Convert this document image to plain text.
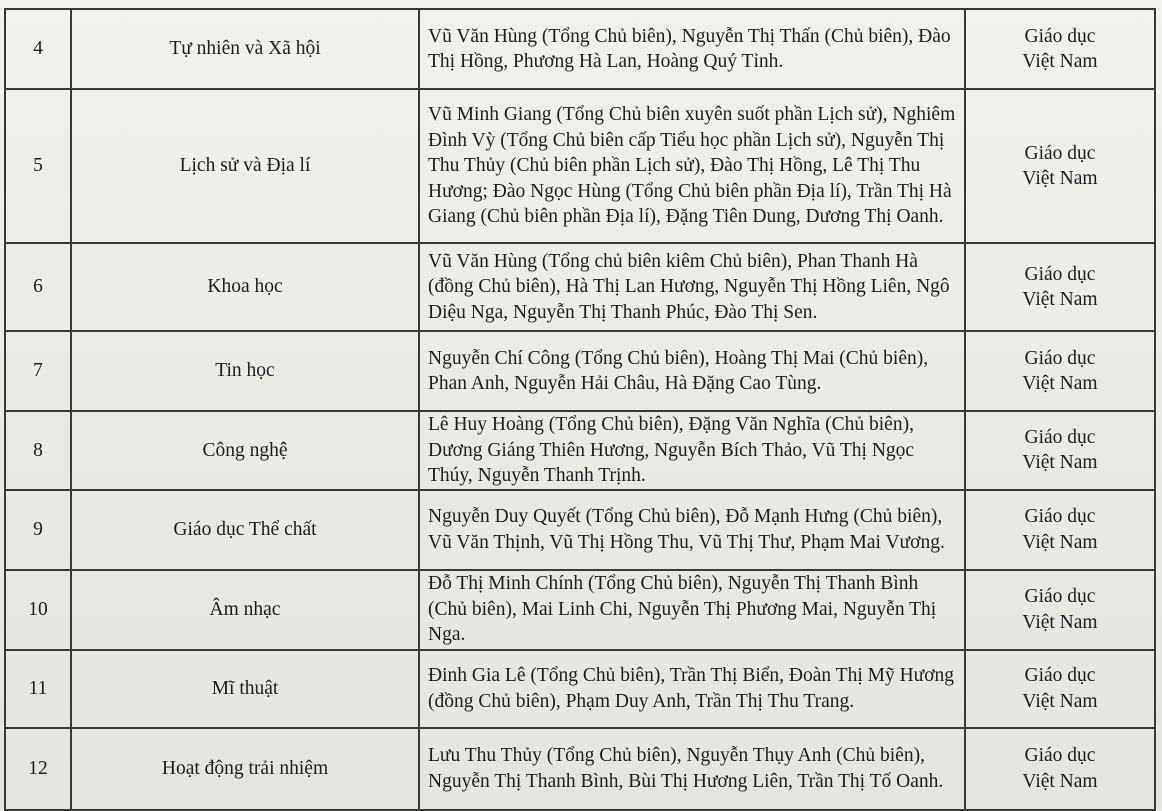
4	Tự nhiên và Xã hội	Vũ Văn Hùng (Tổng Chủ biên), Nguyễn Thị Thấn (Chủ biên), Đào Thị Hồng, Phương Hà Lan, Hoàng Quý Tỉnh.	Giáo dục
Việt Nam

5	Lịch sử và Địa lí	Vũ Minh Giang (Tổng Chủ biên xuyên suốt phần Lịch sử), Nghiêm Đình Vỳ (Tổng Chủ biên cấp Tiểu học phần Lịch sử), Nguyễn Thị Thu Thủy (Chủ biên phần Lịch sử), Đào Thị Hồng, Lê Thị Thu Hương; Đào Ngọc Hùng (Tổng Chủ biên phần Địa lí), Trần Thị Hà Giang (Chủ biên phần Địa lí), Đặng Tiên Dung, Dương Thị Oanh.	Giáo dục
Việt Nam

6	Khoa học	Vũ Văn Hùng (Tổng chủ biên kiêm Chủ biên), Phan Thanh Hà (đồng Chủ biên), Hà Thị Lan Hương, Nguyễn Thị Hồng Liên, Ngô Diệu Nga, Nguyễn Thị Thanh Phúc, Đào Thị Sen.	Giáo dục
Việt Nam

7	Tin học	Nguyễn Chí Công (Tổng Chủ biên), Hoàng Thị Mai (Chủ biên), Phan Anh, Nguyễn Hải Châu, Hà Đặng Cao Tùng.	Giáo dục
Việt Nam

8	Công nghệ	Lê Huy Hoàng (Tổng Chủ biên), Đặng Văn Nghĩa (Chủ biên), Dương Giáng Thiên Hương, Nguyễn Bích Thảo, Vũ Thị Ngọc Thúy, Nguyễn Thanh Trịnh.	Giáo dục
Việt Nam

9	Giáo dục Thể chất	Nguyễn Duy Quyết (Tổng Chủ biên), Đỗ Mạnh Hưng (Chủ biên), Vũ Văn Thịnh, Vũ Thị Hồng Thu, Vũ Thị Thư, Phạm Mai Vương.	Giáo dục
Việt Nam

10	Âm nhạc	Đỗ Thị Minh Chính (Tổng Chủ biên), Nguyễn Thị Thanh Bình (Chủ biên), Mai Linh Chi, Nguyễn Thị Phương Mai, Nguyễn Thị Nga.	Giáo dục
Việt Nam

11	Mĩ thuật	Đinh Gia Lê (Tổng Chủ biên), Trần Thị Biển, Đoàn Thị Mỹ Hương (đồng Chủ biên), Phạm Duy Anh, Trần Thị Thu Trang.	Giáo dục
Việt Nam

12	Hoạt động trải nhiệm	Lưu Thu Thủy (Tổng Chủ biên), Nguyễn Thụy Anh (Chủ biên), Nguyễn Thị Thanh Bình, Bùi Thị Hương Liên, Trần Thị Tố Oanh.	Giáo dục
Việt Nam
